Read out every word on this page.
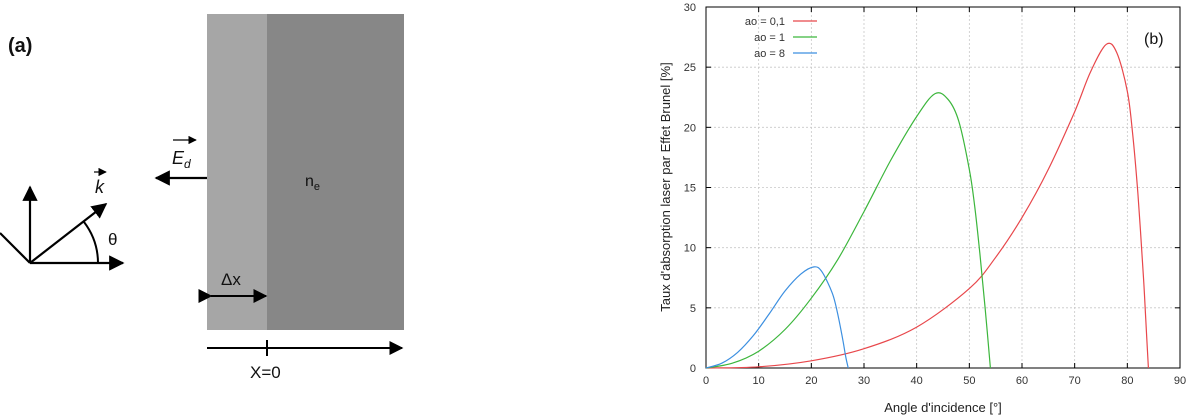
(a)
$n_e$
Δx
X=0
$E_d$
θ
k
0	10	20	30	40	50	60	70	80	90
0
5
10
15
20
25
30
Angle d'incidence [°]
Taux d'absorption laser par Effet Brunel [%]
(b)
ao = 0,1
ao = 1
ao = 8
